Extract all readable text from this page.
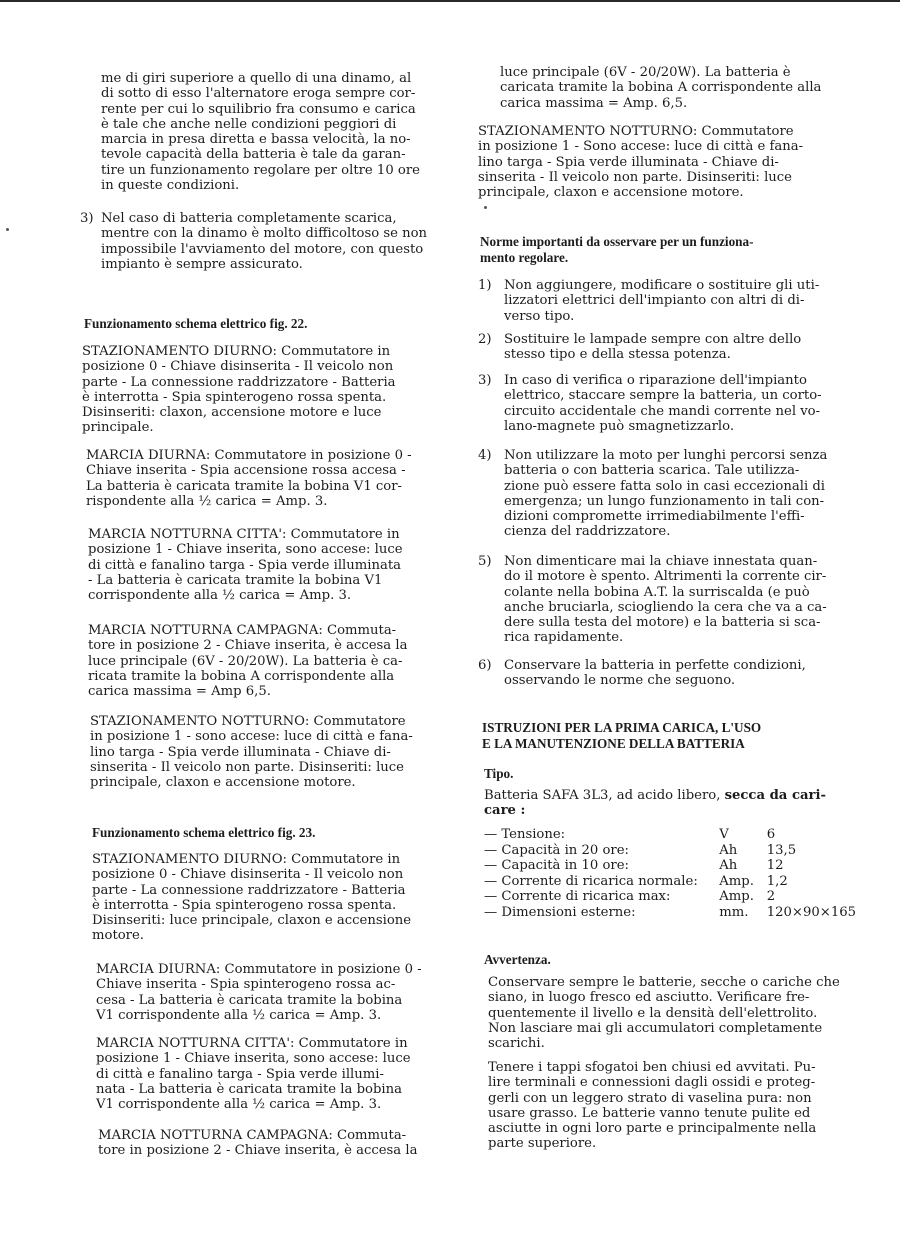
me di giri superiore a quello di una dinamo, al
di sotto di esso l'alternatore eroga sempre cor-
rente per cui lo squilibrio fra consumo e carica
è tale che anche nelle condizioni peggiori di
marcia in presa diretta e bassa velocità, la no-
tevole capacità della batteria è tale da garan-
tire un funzionamento regolare per oltre 10 ore
in queste condizioni.
3) Nel caso di batteria completamente scarica,
mentre con la dinamo è molto difficoltoso se non
impossibile l'avviamento del motore, con questo
impianto è sempre assicurato.
Funzionamento schema elettrico fig. 22.
STAZIONAMENTO DIURNO: Commutatore in
posizione 0 - Chiave disinserita - Il veicolo non
parte - La connessione raddrizzatore - Batteria
è interrotta - Spia spinterogeno rossa spenta.
Disinseriti: claxon, accensione motore e luce
principale.
MARCIA DIURNA: Commutatore in posizione 0 -
Chiave inserita - Spia accensione rossa accesa -
La batteria è caricata tramite la bobina V1 cor-
rispondente alla ½ carica = Amp. 3.
MARCIA NOTTURNA CITTA': Commutatore in
posizione 1 - Chiave inserita, sono accese: luce
di città e fanalino targa - Spia verde illuminata
- La batteria è caricata tramite la bobina V1
corrispondente alla ½ carica = Amp. 3.
MARCIA NOTTURNA CAMPAGNA: Commuta-
tore in posizione 2 - Chiave inserita, è accesa la
luce principale (6V - 20/20W). La batteria è ca-
ricata tramite la bobina A corrispondente alla
carica massima = Amp 6,5.
STAZIONAMENTO NOTTURNO: Commutatore
in posizione 1 - sono accese: luce di città e fana-
lino targa - Spia verde illuminata - Chiave di-
sinserita - Il veicolo non parte. Disinseriti: luce
principale, claxon e accensione motore.
Funzionamento schema elettrico fig. 23.
STAZIONAMENTO DIURNO: Commutatore in
posizione 0 - Chiave disinserita - Il veicolo non
parte - La connessione raddrizzatore - Batteria
è interrotta - Spia spinterogeno rossa spenta.
Disinseriti: luce principale, claxon e accensione
motore.
MARCIA DIURNA: Commutatore in posizione 0 -
Chiave inserita - Spia spinterogeno rossa ac-
cesa - La batteria è caricata tramite la bobina
V1 corrispondente alla ½ carica = Amp. 3.
MARCIA NOTTURNA CITTA': Commutatore in
posizione 1 - Chiave inserita, sono accese: luce
di città e fanalino targa - Spia verde illumi-
nata - La batteria è caricata tramite la bobina
V1 corrispondente alla ½ carica = Amp. 3.
MARCIA NOTTURNA CAMPAGNA: Commuta-
tore in posizione 2 - Chiave inserita, è accesa la
luce principale (6V - 20/20W). La batteria è
caricata tramite la bobina A corrispondente alla
carica massima = Amp. 6,5.
STAZIONAMENTO NOTTURNO: Commutatore
in posizione 1 - Sono accese: luce di città e fana-
lino targa - Spia verde illuminata - Chiave di-
sinserita - Il veicolo non parte. Disinseriti: luce
principale, claxon e accensione motore.
Norme importanti da osservare per un funziona-
mento regolare.
1) Non aggiungere, modificare o sostituire gli uti-
lizzatori elettrici dell'impianto con altri di di-
verso tipo.
2) Sostituire le lampade sempre con altre dello
stesso tipo e della stessa potenza.
3) In caso di verifica o riparazione dell'impianto
elettrico, staccare sempre la batteria, un corto-
circuito accidentale che mandi corrente nel vo-
lano-magnete può smagnetizzarlo.
4) Non utilizzare la moto per lunghi percorsi senza
batteria o con batteria scarica. Tale utilizza-
zione può essere fatta solo in casi eccezionali di
emergenza; un lungo funzionamento in tali con-
dizioni compromette irrimediabilmente l'effi-
cienza del raddrizzatore.
5) Non dimenticare mai la chiave innestata quan-
do il motore è spento. Altrimenti la corrente cir-
colante nella bobina A.T. la surriscalda (e può
anche bruciarla, sciogliendo la cera che va a ca-
dere sulla testa del motore) e la batteria si sca-
rica rapidamente.
6) Conservare la batteria in perfette condizioni,
osservando le norme che seguono.
ISTRUZIONI PER LA PRIMA CARICA, L'USO
E LA MANUTENZIONE DELLA BATTERIA
Tipo.
Batteria SAFA 3L3, ad acido libero, secca da cari-
care :
— Tensione:	V	6
— Capacità in 20 ore:	Ah	13,5
— Capacità in 10 ore:	Ah	12
— Corrente di ricarica normale:	Amp.	1,2
— Corrente di ricarica max:	Amp.	2
— Dimensioni esterne:	mm.	120×90×165
Avvertenza.
Conservare sempre le batterie, secche o cariche che
siano, in luogo fresco ed asciutto. Verificare fre-
quentemente il livello e la densità dell'elettrolito.
Non lasciare mai gli accumulatori completamente
scarichi.
Tenere i tappi sfogatoi ben chiusi ed avvitati. Pu-
lire terminali e connessioni dagli ossidi e proteg-
gerli con un leggero strato di vaselina pura: non
usare grasso. Le batterie vanno tenute pulite ed
asciutte in ogni loro parte e principalmente nella
parte superiore.
